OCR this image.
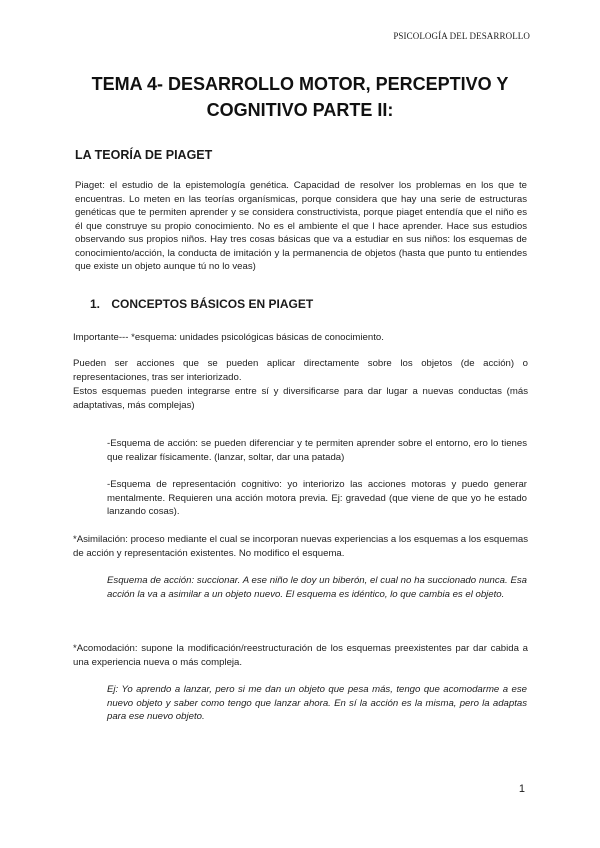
PSICOLOGÍA DEL DESARROLLO
TEMA 4- DESARROLLO MOTOR, PERCEPTIVO Y
COGNITIVO PARTE II:
LA TEORÍA DE PIAGET
Piaget: el estudio de la epistemología genética. Capacidad de resolver los problemas en los que te encuentras. Lo meten en las teorías organísmicas, porque considera que hay una serie de estructuras genéticas que te permiten aprender y se considera constructivista, porque piaget entendía que el niño es él que construye su propio conocimiento. No es el ambiente el que l hace aprender. Hace sus estudios observando sus propios niños. Hay tres cosas básicas que va a estudiar en sus niños: los esquemas de conocimiento/acción, la conducta de imitación y la permanencia de objetos (hasta que punto tu entiendes que existe un objeto aunque tú no lo veas)
1. CONCEPTOS BÁSICOS EN PIAGET
Importante--- *esquema: unidades psicológicas básicas de conocimiento.
Pueden ser acciones que se pueden aplicar directamente sobre los objetos (de acción) o representaciones, tras ser interiorizado.
Estos esquemas pueden integrarse entre sí y diversificarse para dar lugar a nuevas conductas (más adaptativas, más complejas)
-Esquema de acción: se pueden diferenciar y te permiten aprender sobre el entorno, ero lo tienes que realizar físicamente. (lanzar, soltar, dar una patada)
-Esquema de representación cognitivo: yo interiorizo las acciones motoras y puedo generar mentalmente. Requieren una acción motora previa. Ej: gravedad (que viene de que yo he estado lanzando cosas).
*Asimilación: proceso mediante el cual se incorporan nuevas experiencias a los esquemas a los esquemas de acción y representación existentes. No modifico el esquema.
Esquema de acción: succionar. A ese niño le doy un biberón, el cual no ha succionado nunca. Esa acción la va a asimilar a un objeto nuevo. El esquema es idéntico, lo que cambia es el objeto.
*Acomodación: supone la modificación/reestructuración de los esquemas preexistentes par dar cabida a una experiencia nueva o más compleja.
Ej: Yo aprendo a lanzar, pero si me dan un objeto que pesa más, tengo que acomodarme a ese nuevo objeto y saber como tengo que lanzar ahora. En sí la acción es la misma, pero la adaptas para ese nuevo objeto.
1
